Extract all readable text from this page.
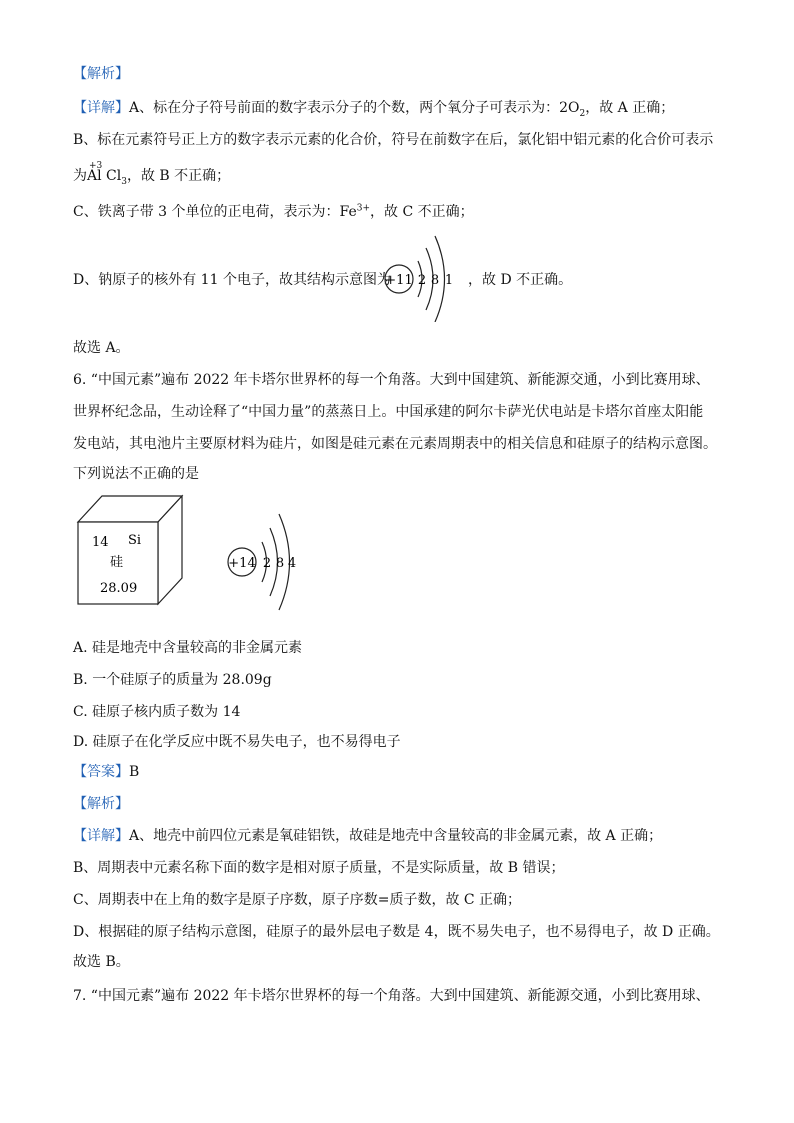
【解析】
【详解】A、标在分子符号前面的数字表示分子的个数，两个氧分子可表示为：$2O_2$，故 A 正确；
B、标在元素符号正上方的数字表示元素的化合价，符号在前数字在后，氯化铝中铝元素的化合价可表示
为
+3
Al $Cl_3$，故 B 不正确；
C、铁离子带 3 个单位的正电荷，表示为：$Fe^{3+}$，故 C 不正确；
D、钠原子的核外有 11 个电子，故其结构示意图为
+11 2 8 1 ，故 D 不正确。
故选 A。
6. “中国元素”遍布 2022 年卡塔尔世界杯的每一个角落。大到中国建筑、新能源交通，小到比赛用球、
世界杯纪念品，生动诠释了“中国力量”的蒸蒸日上。中国承建的阿尔卡萨光伏电站是卡塔尔首座太阳能
发电站，其电池片主要原材料为硅片，如图是硅元素在元素周期表中的相关信息和硅原子的结构示意图。
下列说法不正确的是
14 Si
硅
28.09
+14 2 8 4
A. 硅是地壳中含量较高的非金属元素
B. 一个硅原子的质量为 28.09g
C. 硅原子核内质子数为 14
D. 硅原子在化学反应中既不易失电子，也不易得电子
【答案】B
【解析】
【详解】A、地壳中前四位元素是氧硅铝铁，故硅是地壳中含量较高的非金属元素，故 A 正确；
B、周期表中元素名称下面的数字是相对原子质量，不是实际质量，故 B 错误；
C、周期表中在上角的数字是原子序数，原子序数=质子数，故 C 正确；
D、根据硅的原子结构示意图，硅原子的最外层电子数是 4，既不易失电子，也不易得电子，故 D 正确。
故选 B。
7. “中国元素”遍布 2022 年卡塔尔世界杯的每一个角落。大到中国建筑、新能源交通，小到比赛用球、
